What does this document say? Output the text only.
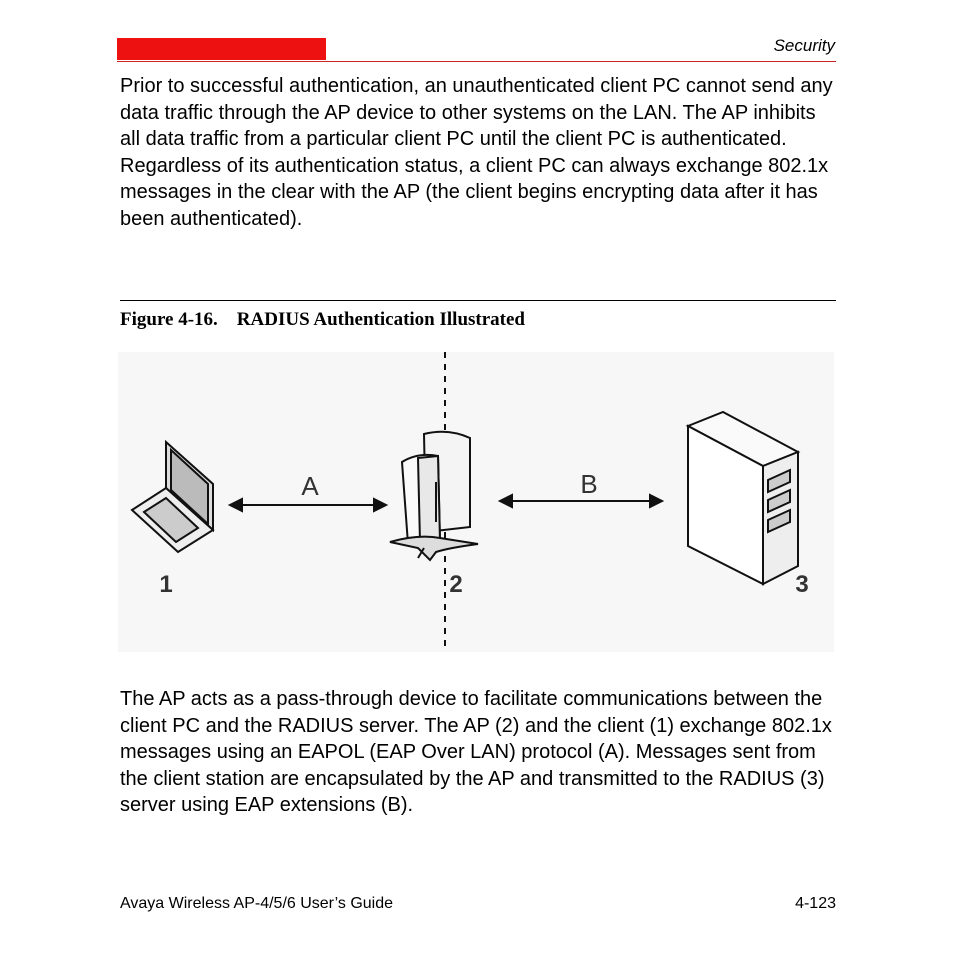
Security

Prior to successful authentication, an unauthenticated client PC cannot send any data traffic through the AP device to other systems on the LAN. The AP inhibits all data traffic from a particular client PC until the client PC is authenticated. Regardless of its authentication status, a client PC can always exchange 802.1x messages in the clear with the AP (the client begins encrypting data after it has been authenticated).

Figure 4-16.    RADIUS Authentication Illustrated
A	B
1	2	3

The AP acts as a pass-through device to facilitate communications between the client PC and the RADIUS server. The AP (2) and the client (1) exchange 802.1x messages using an EAPOL (EAP Over LAN) protocol (A). Messages sent from the client station are encapsulated by the AP and transmitted to the RADIUS (3) server using EAP extensions (B).

Avaya Wireless AP-4/5/6 User’s Guide	4-123
